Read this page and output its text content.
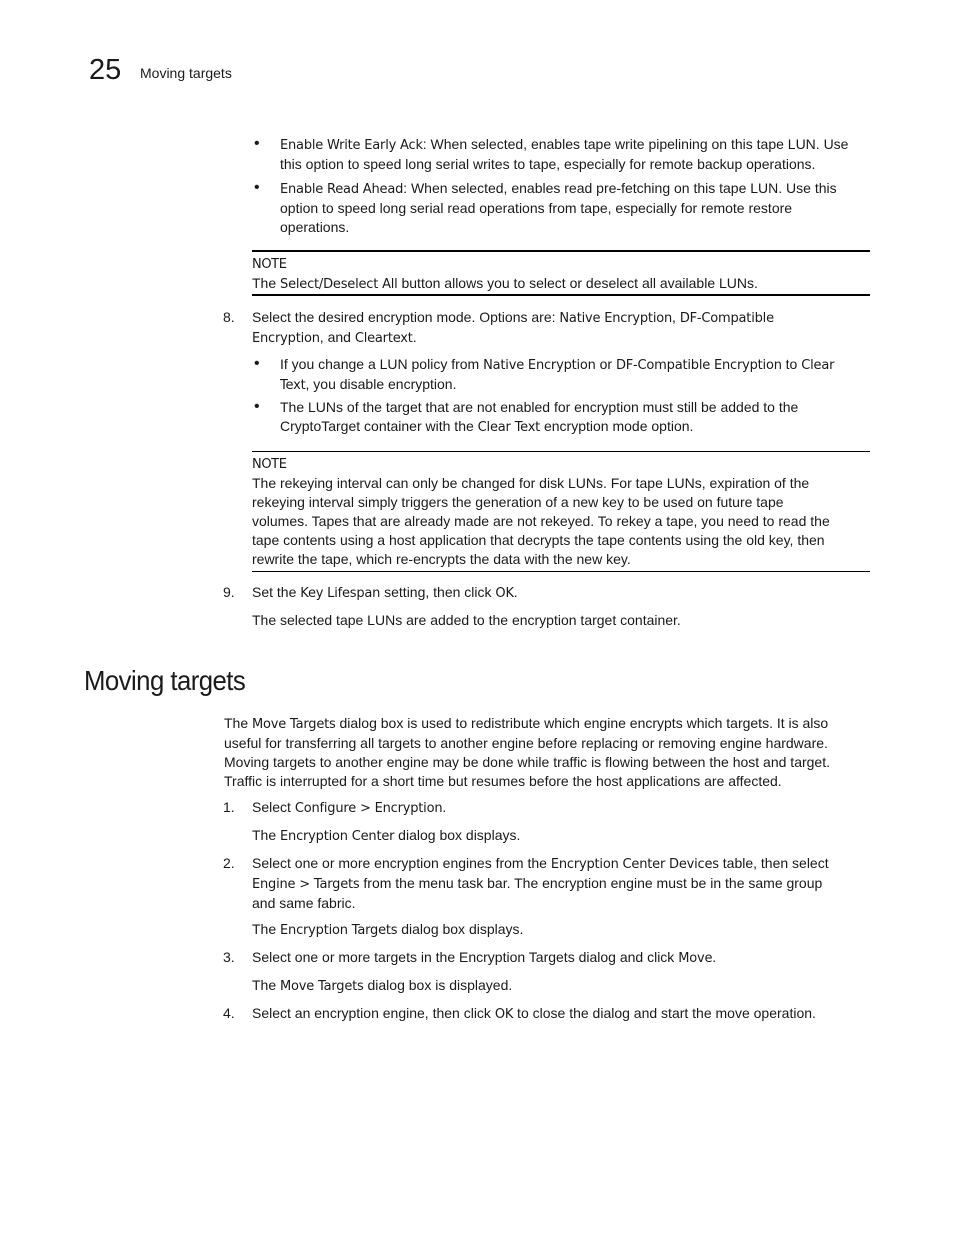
25 Moving targets
• Enable Write Early Ack: When selected, enables tape write pipelining on this tape LUN. Use
this option to speed long serial writes to tape, especially for remote backup operations.
• Enable Read Ahead: When selected, enables read pre-fetching on this tape LUN. Use this
option to speed long serial read operations from tape, especially for remote restore
operations.
NOTE
The Select/Deselect All button allows you to select or deselect all available LUNs.
8. Select the desired encryption mode. Options are: Native Encryption, DF-Compatible
Encryption, and Cleartext.
• If you change a LUN policy from Native Encryption or DF-Compatible Encryption to Clear
Text, you disable encryption.
• The LUNs of the target that are not enabled for encryption must still be added to the
CryptoTarget container with the Clear Text encryption mode option.
NOTE
The rekeying interval can only be changed for disk LUNs. For tape LUNs, expiration of the
rekeying interval simply triggers the generation of a new key to be used on future tape
volumes. Tapes that are already made are not rekeyed. To rekey a tape, you need to read the
tape contents using a host application that decrypts the tape contents using the old key, then
rewrite the tape, which re-encrypts the data with the new key.
9. Set the Key Lifespan setting, then click OK.
The selected tape LUNs are added to the encryption target container.
Moving targets
The Move Targets dialog box is used to redistribute which engine encrypts which targets. It is also
useful for transferring all targets to another engine before replacing or removing engine hardware.
Moving targets to another engine may be done while traffic is flowing between the host and target.
Traffic is interrupted for a short time but resumes before the host applications are affected.
1. Select Configure > Encryption.
The Encryption Center dialog box displays.
2. Select one or more encryption engines from the Encryption Center Devices table, then select
Engine > Targets from the menu task bar. The encryption engine must be in the same group
and same fabric.
The Encryption Targets dialog box displays.
3. Select one or more targets in the Encryption Targets dialog and click Move.
The Move Targets dialog box is displayed.
4. Select an encryption engine, then click OK to close the dialog and start the move operation.
